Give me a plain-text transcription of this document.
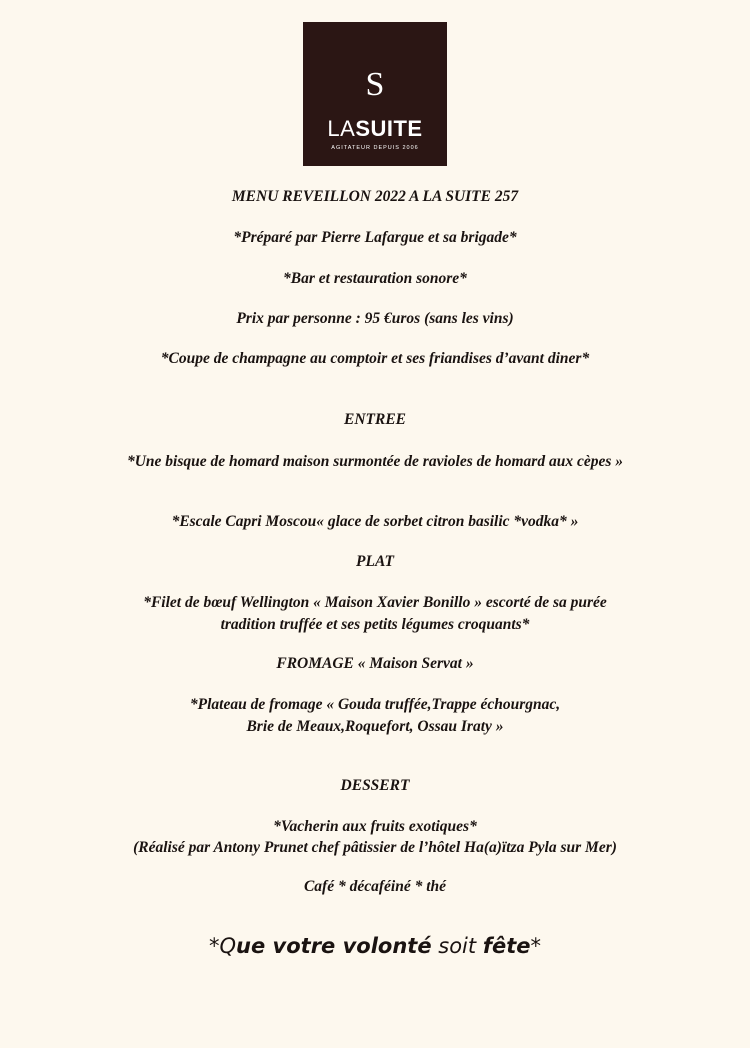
S
LASUITE
AGITATEUR DEPUIS 2006
MENU REVEILLON 2022 A LA SUITE 257
*Préparé par Pierre Lafargue et sa brigade*
*Bar et restauration sonore*
Prix par personne : 95 €uros (sans les vins)
*Coupe de champagne au comptoir et ses friandises d’avant diner*
ENTREE
*Une bisque de homard maison surmontée de ravioles de homard aux cèpes »
*Escale Capri Moscou« glace de sorbet citron basilic *vodka* »
PLAT
*Filet de bœuf Wellington « Maison Xavier Bonillo » escorté de sa purée
tradition truffée et ses petits légumes croquants*
FROMAGE « Maison Servat »
*Plateau de fromage « Gouda truffée,Trappe échourgnac,
Brie de Meaux,Roquefort, Ossau Iraty »
DESSERT
*Vacherin aux fruits exotiques*
(Réalisé par Antony Prunet chef pâtissier de l’hôtel Ha(a)ïtza Pyla sur Mer)
Café * décaféiné * thé
*Que votre volonté soit fête*
